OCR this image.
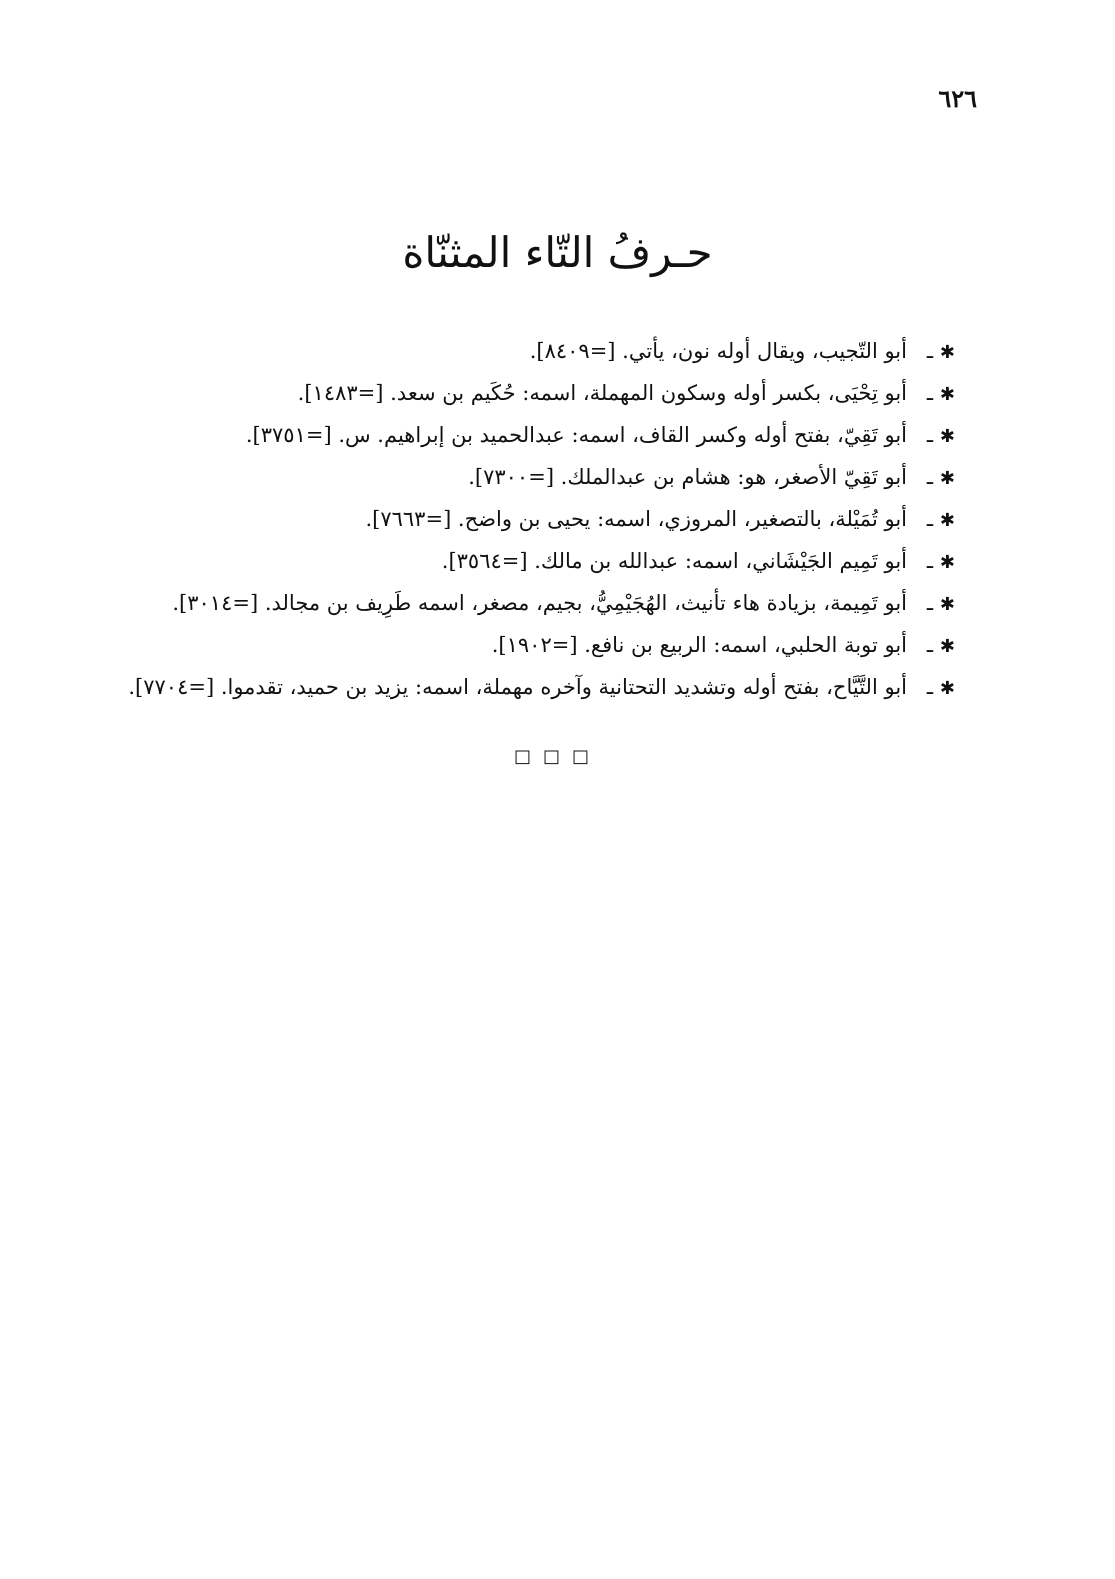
٦٢٦
حـرفُ التّاء المثنّاة
✱ـأبو التّجيب، ويقال أوله نون، يأتي. [=٨٤٠٩].
✱ـأبو تِحْيَى، بكسر أوله وسكون المهملة، اسمه: حُكَيم بن سعد. [=١٤٨٣].
✱ـأبو تَقِيّ، بفتح أوله وكسر القاف، اسمه: عبدالحميد بن إبراهيم. س. [=٣٧٥١].
✱ـأبو تَقِيّ الأصغر، هو: هشام بن عبدالملك. [=٧٣٠٠].
✱ـأبو تُمَيْلة، بالتصغير، المروزي، اسمه: يحيى بن واضح. [=٧٦٦٣].
✱ـأبو تَمِيم الجَيْشَاني، اسمه: عبدالله بن مالك. [=٣٥٦٤].
✱ـأبو تَمِيمة، بزيادة هاء تأنيث، الهُجَيْمِيُّ، بجيم، مصغر، اسمه طَرِيف بن مجالد. [=٣٠١٤].
✱ـأبو توبة الحلبي، اسمه: الربيع بن نافع. [=١٩٠٢].
✱ـأبو التَّيَّاح، بفتح أوله وتشديد التحتانية وآخره مهملة، اسمه: يزيد بن حميد، تقدموا. [=٧٧٠٤].
□□□
